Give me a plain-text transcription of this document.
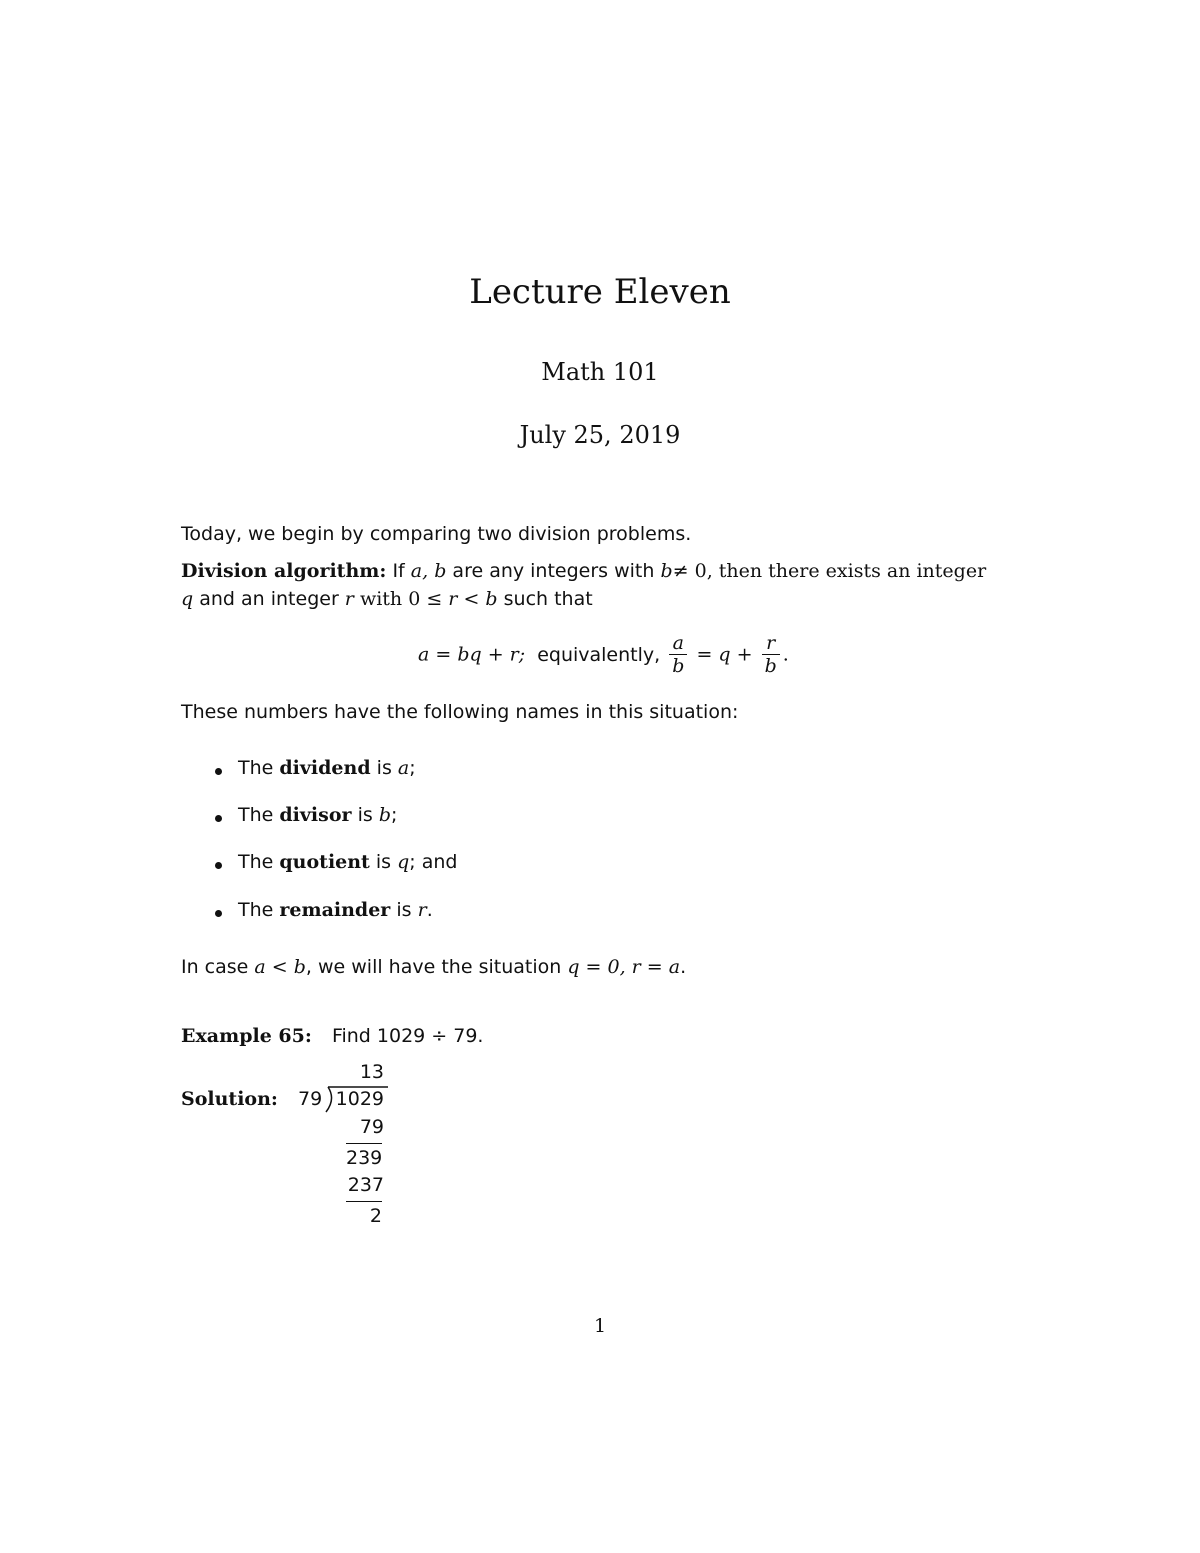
Lecture Eleven
Math 101
July 25, 2019
Today, we begin by comparing two division problems.
Division algorithm: If a, b are any integers with b≠ 0, then there exists an integer
q and an integer r with 0 ≤ r < b such that
a = bq + r; equivalently, $\frac{a}{b} = q + \frac{r}{b}$ .
These numbers have the following names in this situation:
The dividend is a;
The divisor is b;
The quotient is q; and
The remainder is r.
In case a < b, we will have the situation q = 0, r = a.
Example 65: Find 1029 ÷ 79.
Solution: 79
13
1029
79
239
237
2
1
